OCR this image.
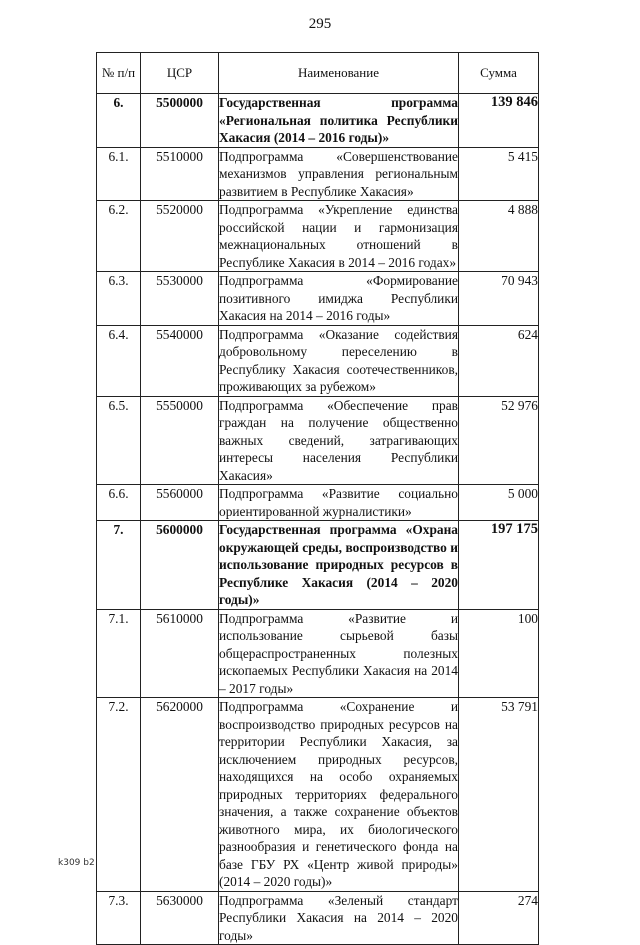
295
№ п/п	ЦСР	Наименование	Сумма
6.	5500000	Государственная программа «Региональная политика Республики Хакасия (2014 – 2016 годы)»	139 846
6.1.	5510000	Подпрограмма «Совершенствование механизмов управления региональным развитием в Республике Хакасия»	5 415
6.2.	5520000	Подпрограмма «Укрепление единства российской нации и гармонизация межнациональных отношений в Республике Хакасия в 2014 – 2016 годах»	4 888
6.3.	5530000	Подпрограмма «Формирование позитивного имиджа Республики Хакасия на 2014 – 2016 годы»	70 943
6.4.	5540000	Подпрограмма «Оказание содействия добровольному переселению в Республику Хакасия соотечественников, проживающих за рубежом»	624
6.5.	5550000	Подпрограмма «Обеспечение прав граждан на получение общественно важных сведений, затрагивающих интересы населения Республики Хакасия»	52 976
6.6.	5560000	Подпрограмма «Развитие социально ориентированной журналистики»	5 000
7.	5600000	Государственная программа «Охрана окружающей среды, воспроизводство и использование природных ресурсов в Республике Хакасия (2014 – 2020 годы)»	197 175
7.1.	5610000	Подпрограмма «Развитие и использование сырьевой базы общераспространенных полезных ископаемых Республики Хакасия на 2014 – 2017 годы»	100
7.2.	5620000	Подпрограмма «Сохранение и воспроизводство природных ресурсов на территории Республики Хакасия, за исключением природных ресурсов, находящихся на особо охраняемых природных территориях федерального значения, а также сохранение объектов животного мира, их биологического разнообразия и генетического фонда на базе ГБУ РХ «Центр живой природы» (2014 – 2020 годы)»	53 791
7.3.	5630000	Подпрограмма «Зеленый стандарт Республики Хакасия на 2014 – 2020 годы»	274
k309 b2
